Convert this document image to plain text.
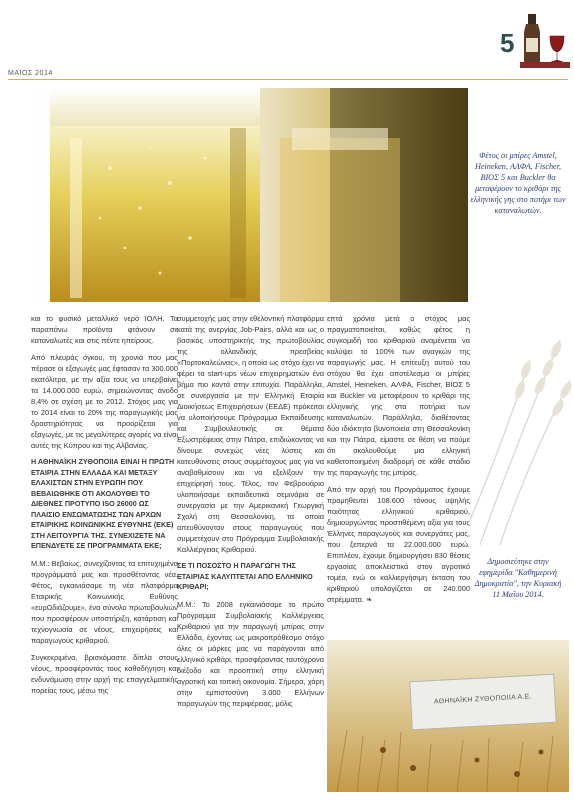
5
ΜΑΙΟΣ 2014
Φέτος οι μπίρες Amstel, Heineken, ΑΛΦΑ, Fischer, ΒΙΟΣ 5 και Buckler θα μεταφέρουν το κριθάρι της ελληνικής γης στο ποτήρι των καταναλωτών.

και το φυσικό μεταλλικό νερό ΙΟΛΗ. Τα παραπάνω προϊόντα φτάνουν σε καταναλωτές και στις πέντε ηπείρους.

Από πλευράς όγκου, τη χρονιά που μας πέρασε οι εξαγωγές μας έφτασαν τα 300.000 εκατόλιτρα, με την αξία τους να υπερβαίνει τα 14.000.000 ευρώ, σημειώνοντας άνοδο 8,4% σε σχέση με το 2012. Στόχος μας για το 2014 είναι το 20% της παραγωγικής μας δραστηριότητας να προορίζεται για εξαγωγές, με τις μεγαλύτερες αγορές να είναι αυτές της Κύπρου και της Αλβανίας.

Η ΑΘΗΝΑΪΚΗ ΖΥΘΟΠΟΙΙΑ ΕΙΝΑΙ Η ΠΡΩΤΗ ΕΤΑΙΡΙΑ ΣΤΗΝ ΕΛΛΑΔΑ ΚΑΙ ΜΕΤΑΞΥ ΕΛΑΧΙΣΤΩΝ ΣΤΗΝ ΕΥΡΩΠΗ ΠΟΥ ΒΕΒΑΙΩΘΗΚΕ ΟΤΙ ΑΚΟΛΟΥΘΕΙ ΤΟ ΔΙΕΘΝΕΣ ΠΡΟΤΥΠΟ ISO 26000 ΩΣ ΠΛΑΙΣΙΟ ΕΝΣΩΜΑΤΩΣΗΣ ΤΩΝ ΑΡΧΩΝ ΕΤΑΙΡΙΚΗΣ ΚΟΙΝΩΝΙΚΗΣ ΕΥΘΥΝΗΣ (ΕΚΕ) ΣΤΗ ΛΕΙΤΟΥΡΓΙΑ ΤΗΣ. ΣΥΝΕΧΙΖΕΤΕ ΝΑ ΕΠΕΝΔΥΕΤΕ ΣΕ ΠΡΟΓΡΑΜΜΑΤΑ ΕΚΕ;

Μ.Μ.: Βεβαίως, συνεχίζοντας τα επιτυχημένα προγράμματά μας και προσθέτοντας νέα. Φέτος, εγκαινιάσαμε τη νέα πλατφόρμα Εταιρικής Κοινωνικής Ευθύνης «ευρΩδιάζουμε», ένα σύνολο πρωτοβουλιών που προσφέρουν υποστήριξη, κατάρτιση και τεχνογνωσία σε νέους, επιχειρήσεις και παραγωγούς κριθαριού.

Συγκεκριμένα, βρισκόμαστε δίπλα στους νέους, προσφέροντάς τους καθοδήγηση και ενδυνάμωση στην αρχή της επαγγελματικής πορείας τους, μέσω της

συμμετοχής μας στην εθελοντική πλατφόρμα κατά της ανεργίας Job-Pairs, αλλά και ως ο βασικός υποστηρικτής της πρωτοβουλίας της ολλανδικής πρεσβείας «Πορτοκαλεώνας», η οποία ως στόχο έχει να φέρει τα start-ups νέων επιχειρηματιών ένα βήμα πιο κοντά στην επιτυχία. Παράλληλα, σε συνεργασία με την Ελληνική Εταιρία Διοικήσεως Επιχειρήσεων (ΕΕΔΕ) πρόκειται να υλοποιήσουμε Πρόγραμμα Εκπαίδευσης και Συμβουλευτικής σε θέματα Εξωστρέφειας στην Πάτρα, επιδιώκοντας να δίνουμε συνεχώς νέες λύσεις και κατευθύνσεις στους συμμέτοχους μας για να αναβαθμίσουν και να εξελίξουν την επιχείρησή τους. Τέλος, τον Φεβρουάριο υλοποιήσαμε εκπαιδευτικά σεμινάρια σε συνεργασία με την Αμερικανική Γεωργική Σχολή στη Θεσσαλονίκη, τα οποία απευθύνονταν στους παραγωγούς που συμμετέχουν στο Πρόγραμμα Συμβολαιακής Καλλιέργειας Κριθαριού.

ΣΕ ΤΙ ΠΟΣΟΣΤΟ Η ΠΑΡΑΓΩΓΗ ΤΗΣ ΕΤΑΙΡΙΑΣ ΚΑΛΥΠΤΕΤΑΙ ΑΠΟ ΕΛΛΗΝΙΚΟ ΚΡΙΘΑΡΙ;

Μ.Μ.: Το 2008 εγκαινιάσαμε το πρώτο Πρόγραμμα Συμβολαιακής Καλλιέργειας Κριθαριού για την παραγωγή μπίρας στην Ελλάδα, έχοντας ως μακροπρόθεσμο στόχο όλες οι μάρκες μας να παράγονται από ελληνικό κριθάρι, προσφέροντας ταυτόχρονα διέξοδο και προοπτική στην ελληνική αγροτική και τοπική οικονομία. Σήμερα, χάρη στην εμπιστοσύνη 3.000 Ελλήνων παραγωγών της περιφέρειας, μόλις

επτά χρόνια μετά ο στόχος μας πραγματοποιείται, καθώς φέτος η συγκομιδή του κριθαριού αναμένεται να καλύψει το 100% των αναγκών της παραγωγής μας. Η επίτευξη αυτού του στόχου θα έχει αποτέλεσμα οι μπίρες Amstel, Heineken, ΑΛΦΑ, Fischer, ΒΙΟΣ 5 και Buckler να μεταφέρουν το κριθάρι της ελληνικής γης στα ποτήρια των καταναλωτών. Παράλληλα, διαθέτοντας δύο ιδιόκτητα βυνοποιεία στη Θεσσαλονίκη και την Πάτρα, είμαστε σε θέση να πούμε ότι ακολουθούμε μια ελληνική καθετοποιημένη διαδρομή σε κάθε στάδιο της παραγωγής της μπίρας.

Από την αρχή του Προγράμματος έχουμε προμηθευτεί 108.600 τόνους υψηλής ποιότητας ελληνικού κριθαριού, δημιουργώντας προστιθέμενη αξία για τους Έλληνες παραγωγούς και συνεργάτες μας, που ξεπερνά τα 22.000.000 ευρώ. Επιπλέον, έχουμε δημιουργήσει 830 θέσεις εργασίας αποκλειστικά στον αγροτικό τομέα, ενώ οι καλλιεργήσιμη έκταση του κριθαριού υπολογίζεται σε 240.000 στρέμματα. ❧

Δημοσιεύτηκε στην εφημερίδα "Καθημερινή Δημοκρατία", την Κυριακή 11 Μαΐου 2014.
ΑΘΗΝΑΪΚΗ ΖΥΘΟΠΟΙΙΑ Α.Ε.
